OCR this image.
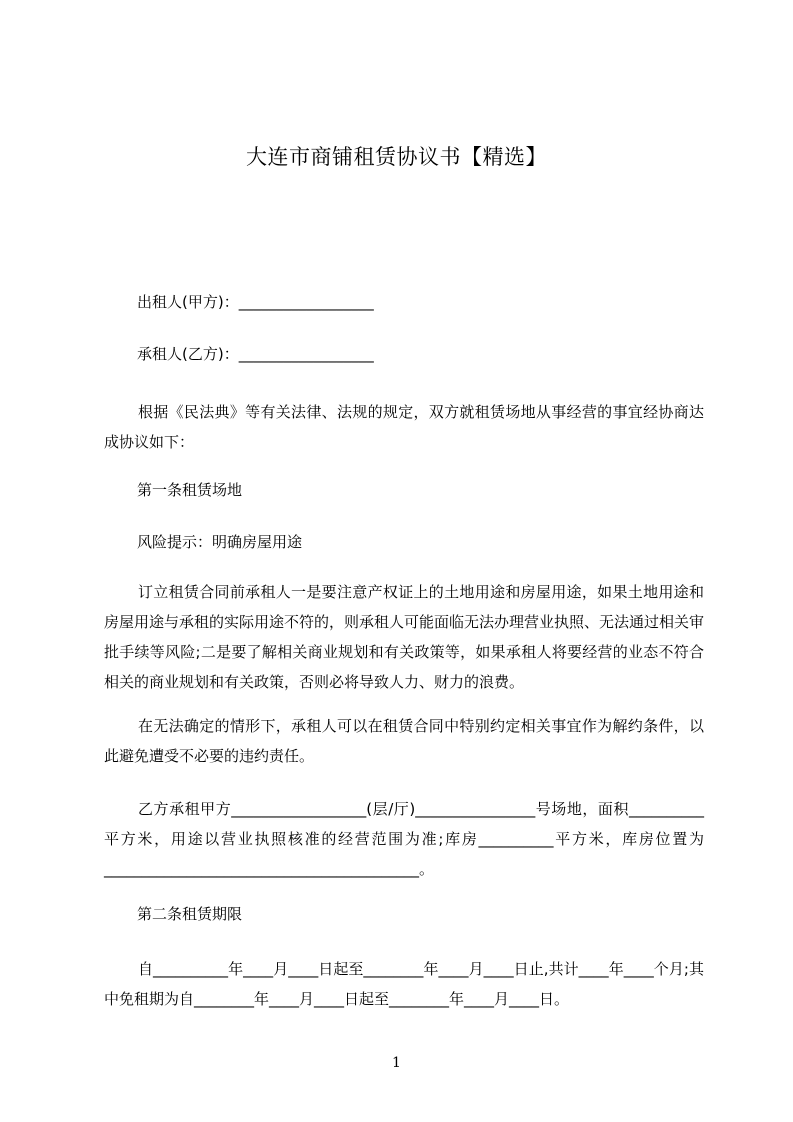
大连市商铺租赁协议书【精选】
出租人(甲方)：__________________
承租人(乙方)：__________________
根据《民法典》等有关法律、法规的规定，双方就租赁场地从事经营的事宜经协商达成协议如下：
第一条租赁场地
风险提示：明确房屋用途
订立租赁合同前承租人一是要注意产权证上的土地用途和房屋用途，如果土地用途和房屋用途与承租的实际用途不符的，则承租人可能面临无法办理营业执照、无法通过相关审批手续等风险;二是要了解相关商业规划和有关政策等，如果承租人将要经营的业态不符合相关的商业规划和有关政策，否则必将导致人力、财力的浪费。
在无法确定的情形下，承租人可以在租赁合同中特别约定相关事宜作为解约条件，以此避免遭受不必要的违约责任。
乙方承租甲方__________________(层/厅)________________号场地，面积__________平方米，用途以营业执照核准的经营范围为准;库房__________平方米，库房位置为__________________________________________。
第二条租赁期限
自__________年____月____日起至________年____月____日止,共计____年____个月;其中免租期为自________年____月____日起至________年____月____日。
1
